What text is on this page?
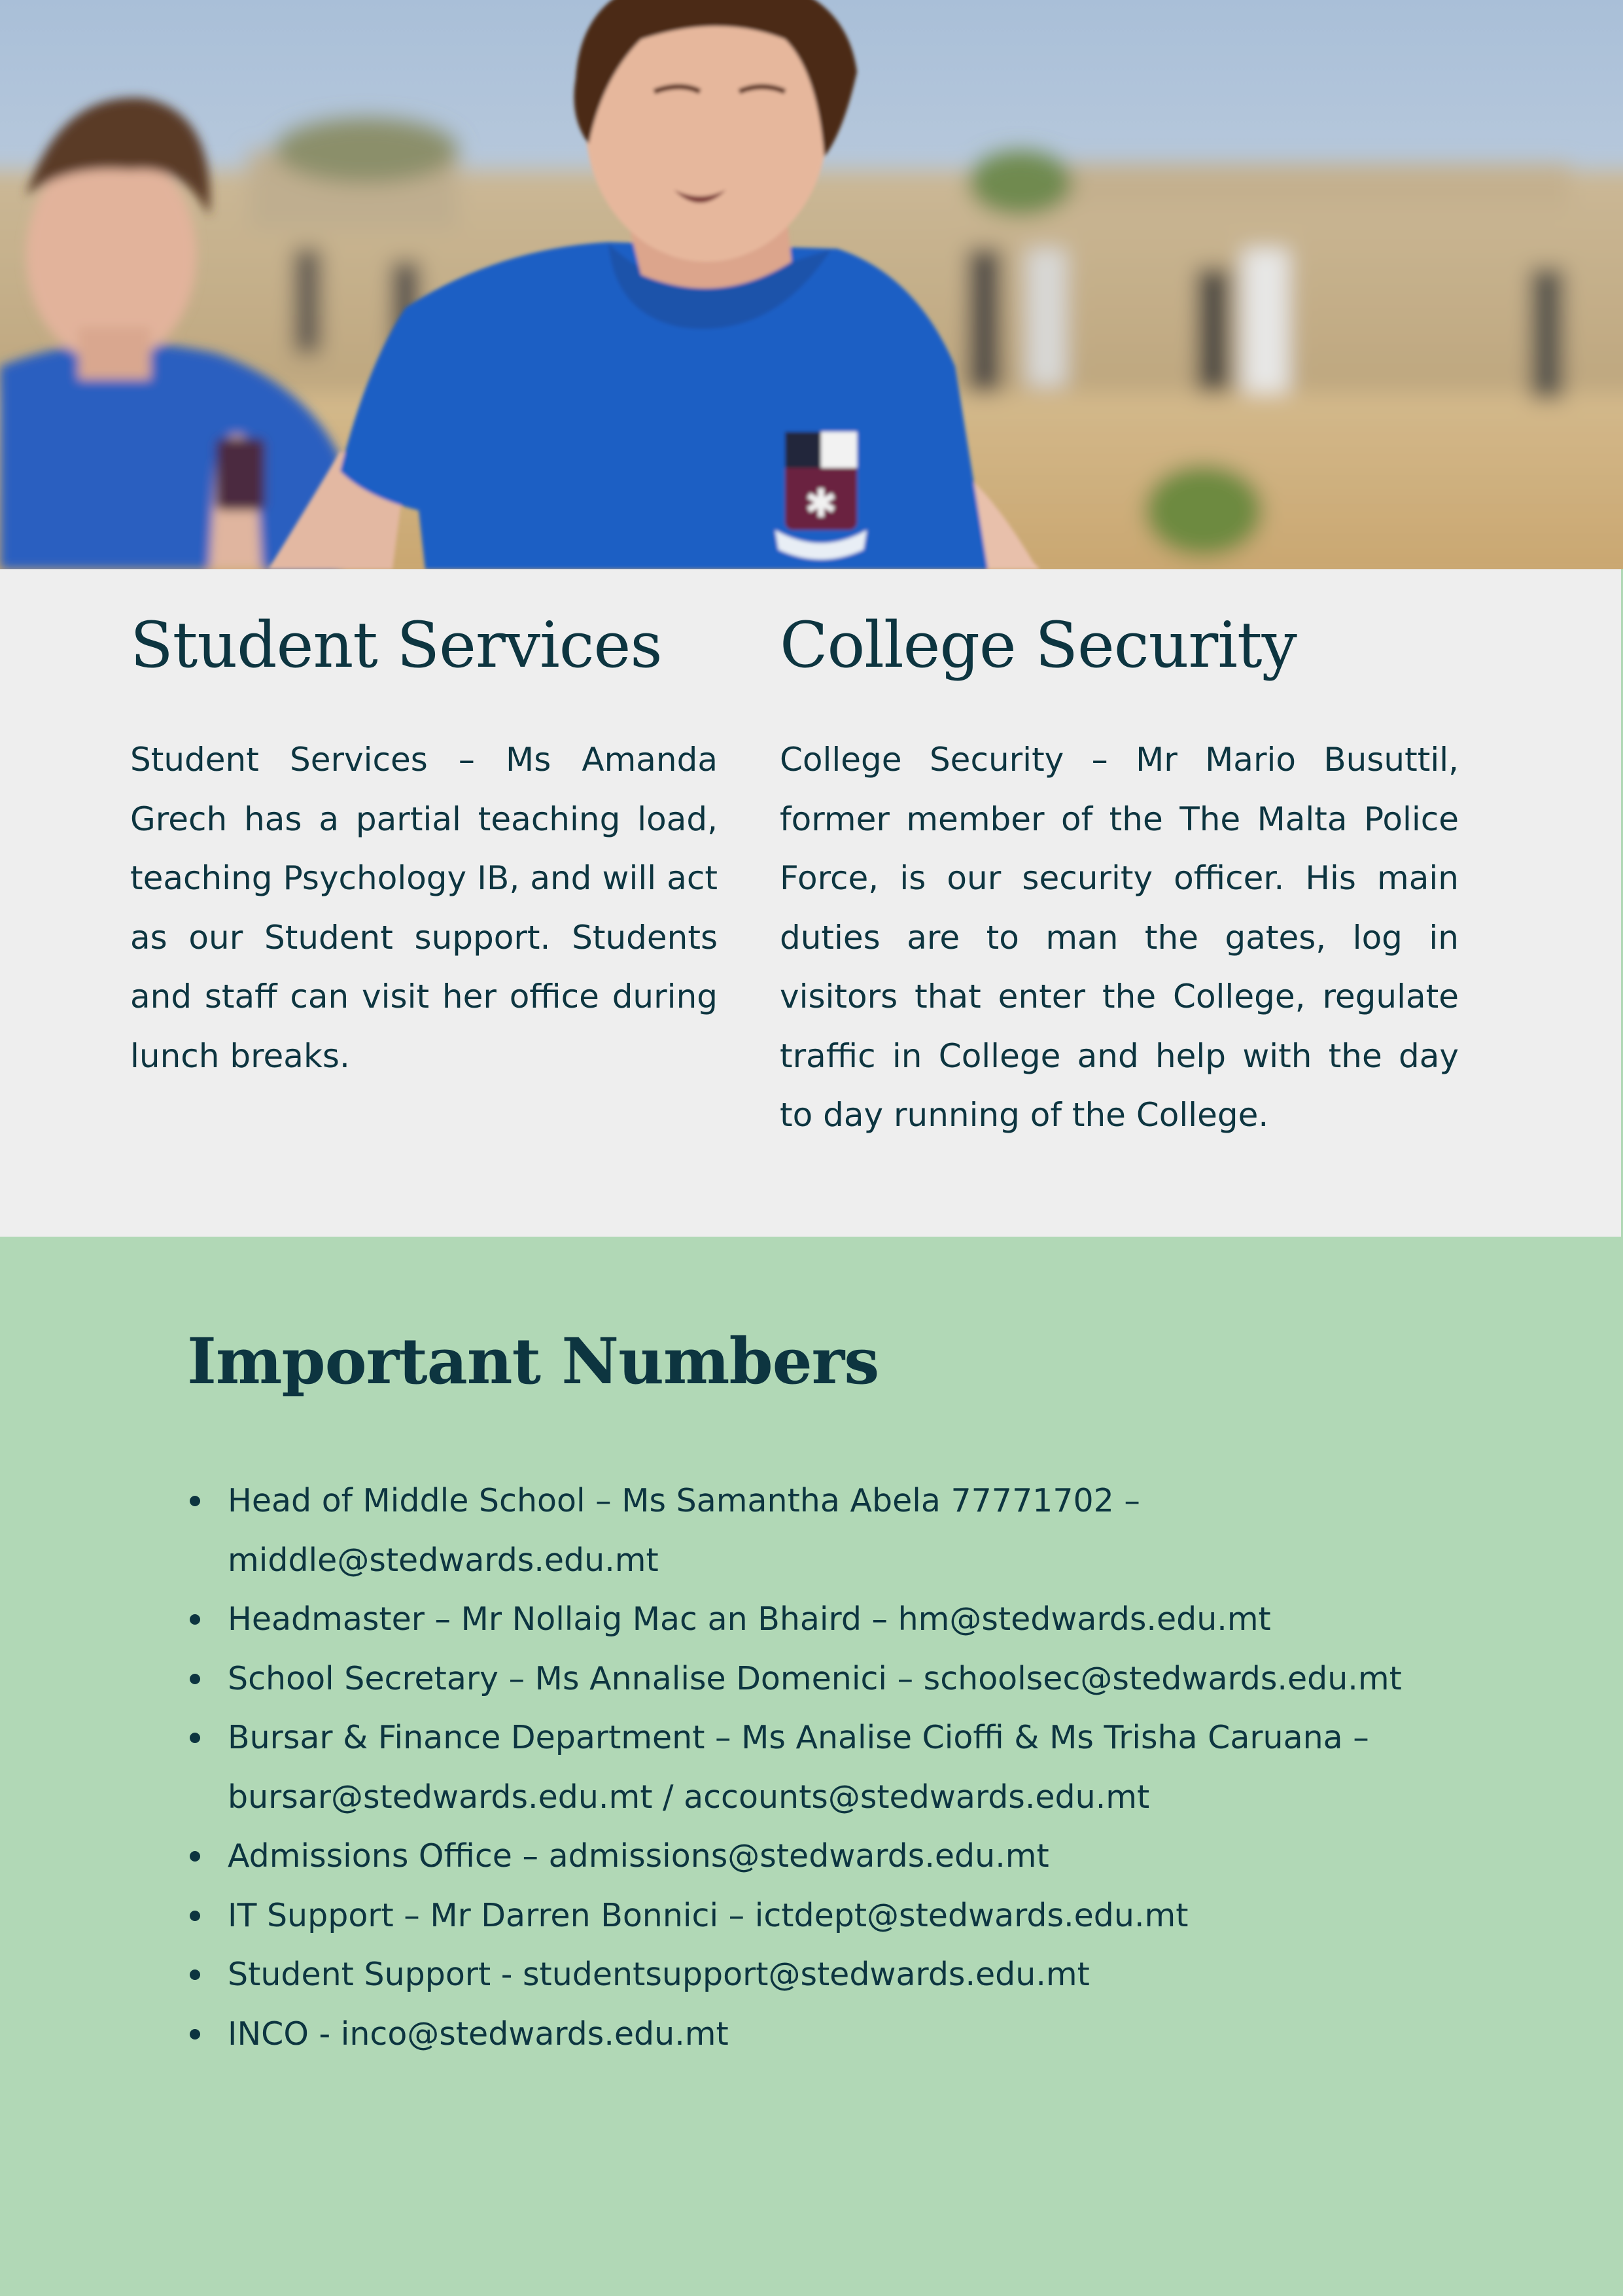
✱
Student Services

Student Services – Ms Amanda Grech has a partial teaching load, teaching Psychology IB, and will act as our Student support. Students and staff can visit her office during lunch breaks.

College Security

College Security – Mr Mario Busuttil, former member of the The Malta Police Force, is our security officer. His main duties are to man the gates, log in visitors that enter the College, regulate traffic in College and help with the day to day running of the College.

Important Numbers
Head of Middle School – Ms Samantha Abela 77771702 – middle@stedwards.edu.mt
Headmaster – Mr Nollaig Mac an Bhaird – hm@stedwards.edu.mt
School Secretary – Ms Annalise Domenici – schoolsec@stedwards.edu.mt
Bursar & Finance Department – Ms Analise Cioffi & Ms Trisha Caruana – bursar@stedwards.edu.mt / accounts@stedwards.edu.mt
Admissions Office – admissions@stedwards.edu.mt
IT Support – Mr Darren Bonnici – ictdept@stedwards.edu.mt
Student Support - studentsupport@stedwards.edu.mt
INCO - inco@stedwards.edu.mt
